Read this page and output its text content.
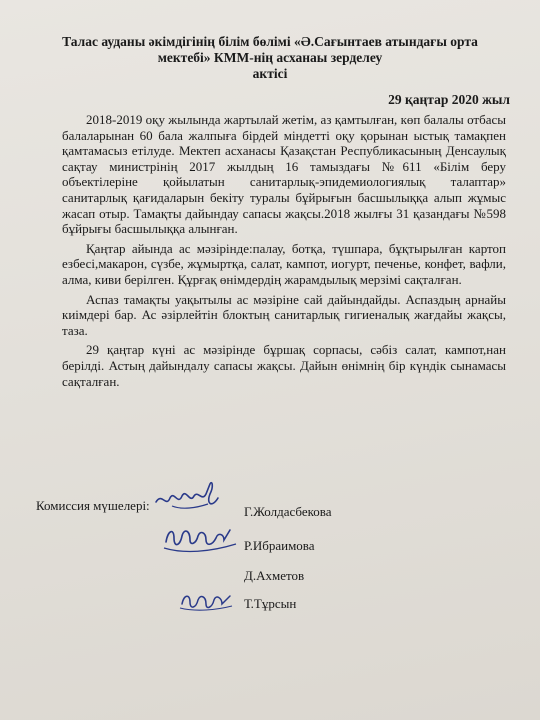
Талас ауданы әкімдігінің білім бөлімі «Ә.Сағынтаев атындағы орта
мектебі» КММ-нің асханаы зерделеу
актісі
29 қаңтар 2020 жыл

2018-2019 оқу жылында жартылай жетім, аз қамтылған, көп балалы отбасы балаларынан 60 бала жалпыға бірдей міндетті оқу қорынан ыстық тамақпен қамтамасыз етілуде. Мектеп асханасы Қазақстан Республикасының Денсаулық сақтау министрінің 2017 жылдың 16 тамыздағы №611 «Білім беру объектілеріне қойылатын санитарлық-эпидемиологиялық талаптар» санитарлық қағидаларын бекіту туралы бұйрығын басшылыққа алып жұмыс жасап отыр. Тамақты дайындау сапасы жақсы.2018 жылғы 31 қазандағы №598 бұйрығы басшылыққа алынған.

Қаңтар айында ас мәзірінде:палау, ботқа, түшпара, бұқтырылған картоп езбесі,макарон, сүзбе, жұмыртқа, салат, кампот, иогурт, печенье, конфет, вафли, алма, киви берілген. Құрғақ өнімдердің жарамдылық мерзімі сақталған.

Аспаз тамақты уақытылы ас мәзіріне сай дайындайды. Аспаздың арнайы киімдері бар. Ас әзірлейтін блоктың санитарлық гигиеналық жағдайы жақсы, таза.

29 қаңтар күні ас мәзірінде бұршақ сорпасы, сәбіз салат, кампот,нан берілді. Астың дайындалу сапасы жақсы. Дайын өнімнің бір күндік сынамасы сақталған.

Комиссия мүшелері:	Г.Жолдасбекова
Р.Ибраимова
Д.Ахметов
Т.Тұрсын
